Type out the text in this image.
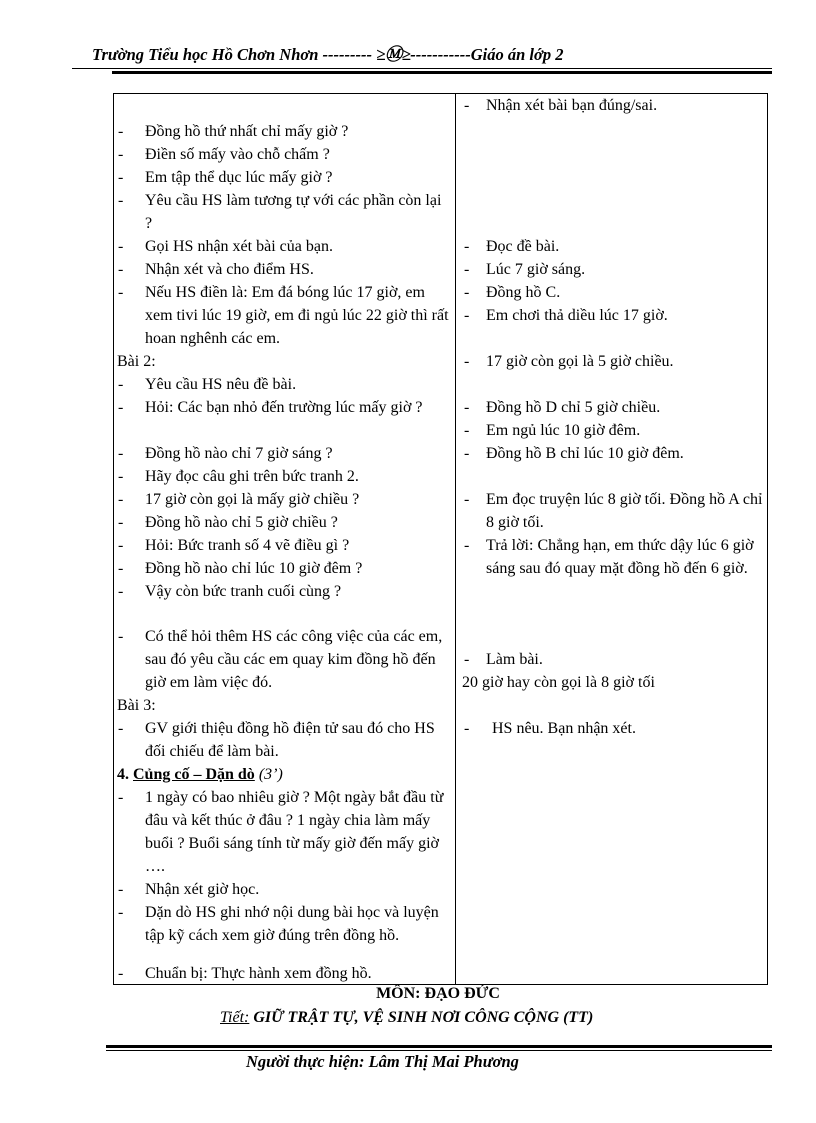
Trường Tiểu học Hồ Chơn Nhơn --------- ≥Ⓜ≥-----------Giáo án lớp 2
- Đồng hồ thứ nhất chỉ mấy giờ ?
- Điền số mấy vào chỗ chấm ?
- Em tập thể dục lúc mấy giờ ?
- Yêu cầu HS làm tương tự với các phần còn lại ?
- Gọi HS nhận xét bài của bạn.
- Nhận xét và cho điểm HS.
- Nếu HS điền là: Em đá bóng lúc 17 giờ, em xem tivi lúc 19 giờ, em đi ngủ lúc 22 giờ thì rất hoan nghênh các em.
Bài 2:
- Yêu cầu HS nêu đề bài.
- Hỏi: Các bạn nhỏ đến trường lúc mấy giờ ?
- Đồng hồ nào chỉ 7 giờ sáng ?
- Hãy đọc câu ghi trên bức tranh 2.
- 17 giờ còn gọi là mấy giờ chiều ?
- Đồng hồ nào chỉ 5 giờ chiều ?
- Hỏi: Bức tranh số 4 vẽ điều gì ?
- Đồng hồ nào chỉ lúc 10 giờ đêm ?
- Vậy còn bức tranh cuối cùng ?
- Có thể hỏi thêm HS các công việc của các em, sau đó yêu cầu các em quay kim đồng hồ đến giờ em làm việc đó.
Bài 3:
- GV giới thiệu đồng hồ điện tử sau đó cho HS đối chiếu để làm bài.
4. Củng cố – Dặn dò (3’)
- 1 ngày có bao nhiêu giờ ? Một ngày bắt đầu từ đâu và kết thúc ở đâu ? 1 ngày chia làm mấy buổi ? Buổi sáng tính từ mấy giờ đến mấy giờ ….
- Nhận xét giờ học.
- Dặn dò HS ghi nhớ nội dung bài học và luyện tập kỹ cách xem giờ đúng trên đồng hồ.
- Chuẩn bị: Thực hành xem đồng hồ.
- Nhận xét bài bạn đúng/sai.
- Đọc đề bài.
- Lúc 7 giờ sáng.
- Đồng hồ C.
- Em chơi thả diều lúc 17 giờ.
- 17 giờ còn gọi là 5 giờ chiều.
- Đồng hồ D chỉ 5 giờ chiều.
- Em ngủ lúc 10 giờ đêm.
- Đồng hồ B chỉ lúc 10 giờ đêm.
- Em đọc truyện lúc 8 giờ tối. Đồng hồ A chỉ 8 giờ tối.
- Trả lời: Chẳng hạn, em thức dậy lúc 6 giờ sáng sau đó quay mặt đồng hồ đến 6 giờ.
- Làm bài.
20 giờ hay còn gọi là 8 giờ tối
- HS nêu. Bạn nhận xét.
MÔN: ĐẠO ĐỨC
Tiết: GIỮ TRẬT TỰ, VỆ SINH NƠI CÔNG CỘNG (TT)
Người thực hiện: Lâm Thị Mai Phương
